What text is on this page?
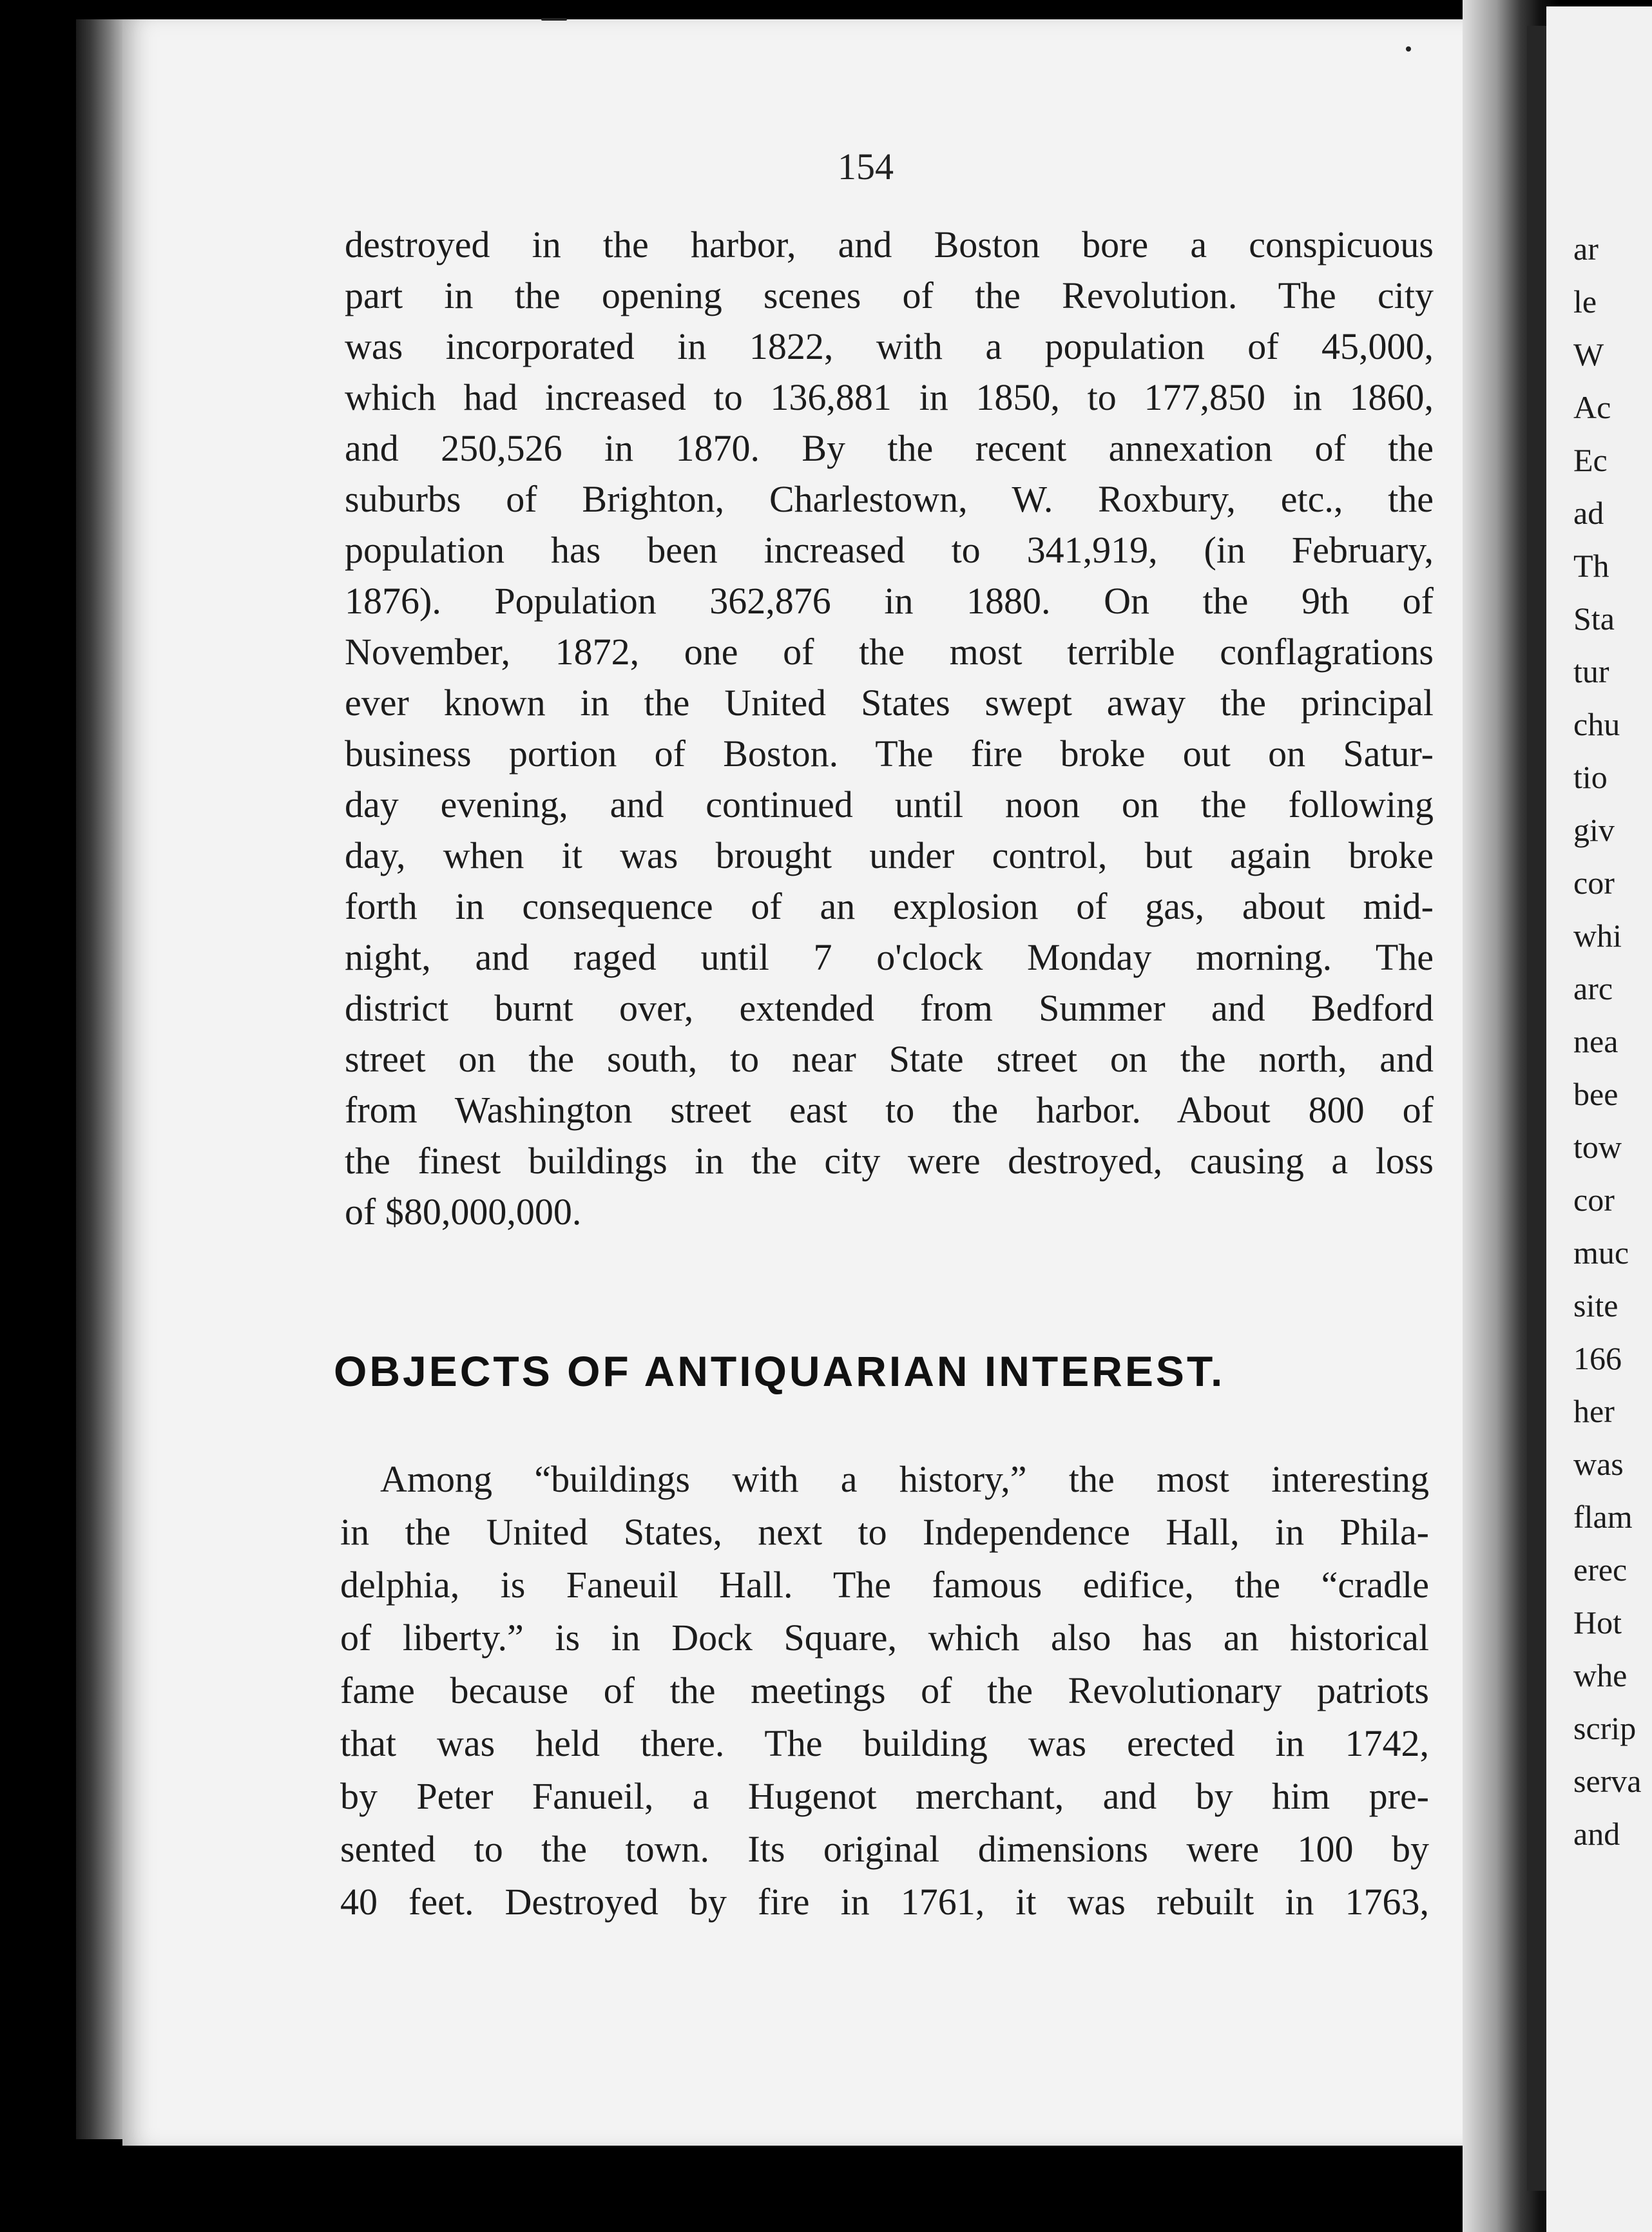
154

destroyed in the harbor, and Boston bore a conspicuous
part in the opening scenes of the Revolution. The city
was incorporated in 1822, with a population of 45,000,
which had increased to 136,881 in 1850, to 177,850 in 1860,
and 250,526 in 1870. By the recent annexation of the
suburbs of Brighton, Charlestown, W. Roxbury, etc., the
population has been increased to 341,919, (in February,
1876). Population 362,876 in 1880. On the 9th of
November, 1872, one of the most terrible conflagrations
ever known in the United States swept away the principal
business portion of Boston. The fire broke out on Satur-
day evening, and continued until noon on the following
day, when it was brought under control, but again broke
forth in consequence of an explosion of gas, about mid-
night, and raged until 7 o'clock Monday morning. The
district burnt over, extended from Summer and Bedford
street on the south, to near State street on the north, and
from Washington street east to the harbor. About 800 of
the finest buildings in the city were destroyed, causing a loss
of $80,000,000.
OBJECTS OF ANTIQUARIAN INTEREST.
Among “buildings with a history,” the most interesting
in the United States, next to Independence Hall, in Phila-
delphia, is Faneuil Hall. The famous edifice, the “cradle
of liberty.” is in Dock Square, which also has an historical
fame because of the meetings of the Revolutionary patriots
that was held there. The building was erected in 1742,
by Peter Fanueil, a Hugenot merchant, and by him pre-
sented to the town. Its original dimensions were 100 by
40 feet. Destroyed by fire in 1761, it was rebuilt in 1763,
ar
le
W
Ac
Ec
ad
Th
Sta
tur
chu
tio
giv
cor
whi
arc
nea
bee
tow
cor
muc
site
166
her
was
flam
erec
Hot
whe
scrip
serva
and
